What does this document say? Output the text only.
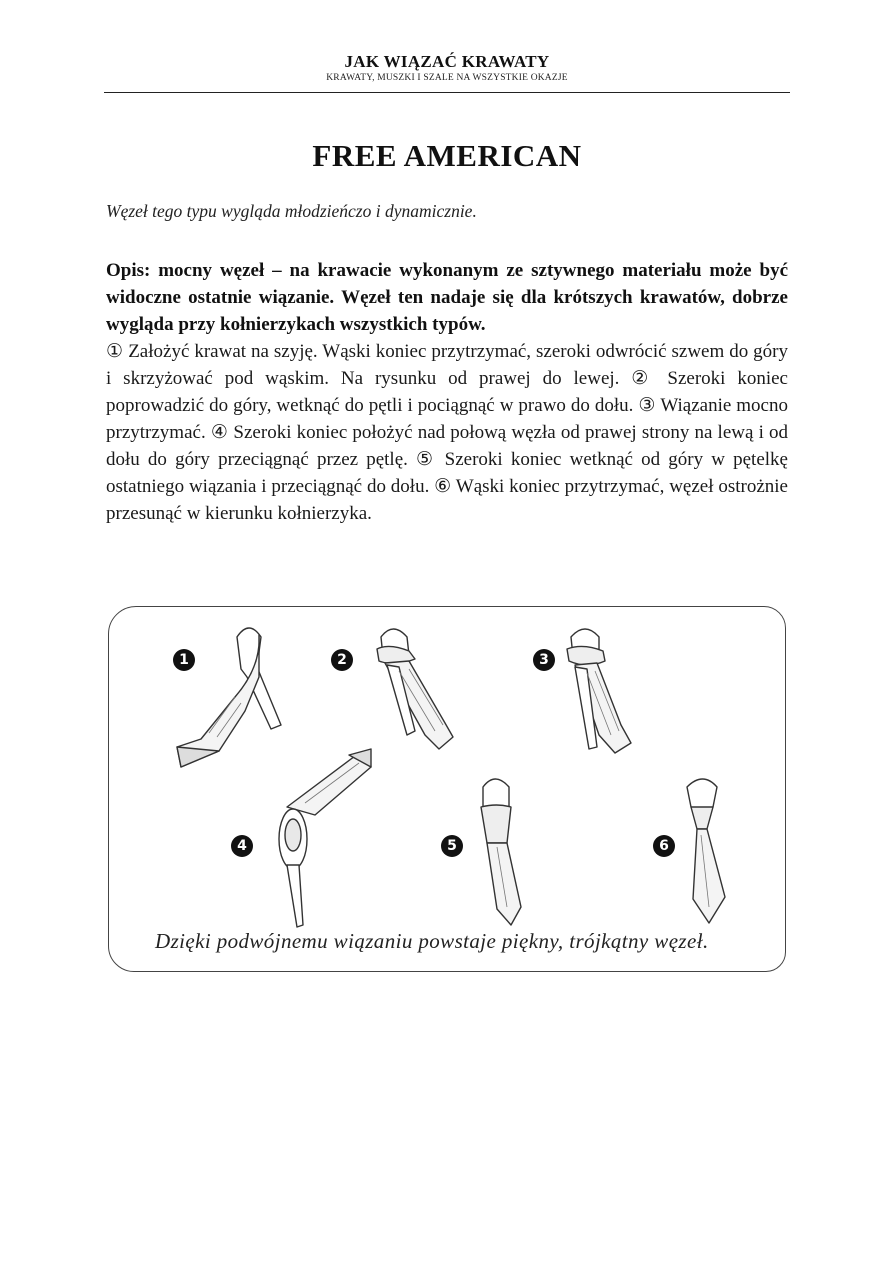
JAK WIĄZAĆ KRAWATY
KRAWATY, MUSZKI I SZALE NA WSZYSTKIE OKAZJE
FREE AMERICAN
Węzeł tego typu wygląda młodzieńczo i dynamicznie.

Opis: mocny węzeł – na krawacie wykonanym ze sztywnego materiału może być widoczne ostatnie wiązanie. Węzeł ten nadaje się dla krótszych krawatów, dobrze wygląda przy kołnierzykach wszystkich typów.

① Założyć krawat na szyję. Wąski koniec przytrzymać, szeroki odwrócić szwem do góry i skrzyżować pod wąskim. Na rysunku od prawej do lewej. ② Szeroki koniec poprowadzić do góry, wetknąć do pętli i pociągnąć w prawo do dołu. ③ Wiązanie mocno przytrzymać. ④ Szeroki koniec położyć nad połową węzła od prawej strony na lewą i od dołu do góry przeciągnąć przez pętlę. ⑤ Szeroki koniec wetknąć od góry w pętelkę ostatniego wiązania i przeciągnąć do dołu. ⑥ Wąski koniec przytrzymać, węzeł ostrożnie przesunąć w kierunku kołnierzyka.

1	2	3
4	5	6
Dzięki podwójnemu wiązaniu powstaje piękny, trójkątny węzeł.
